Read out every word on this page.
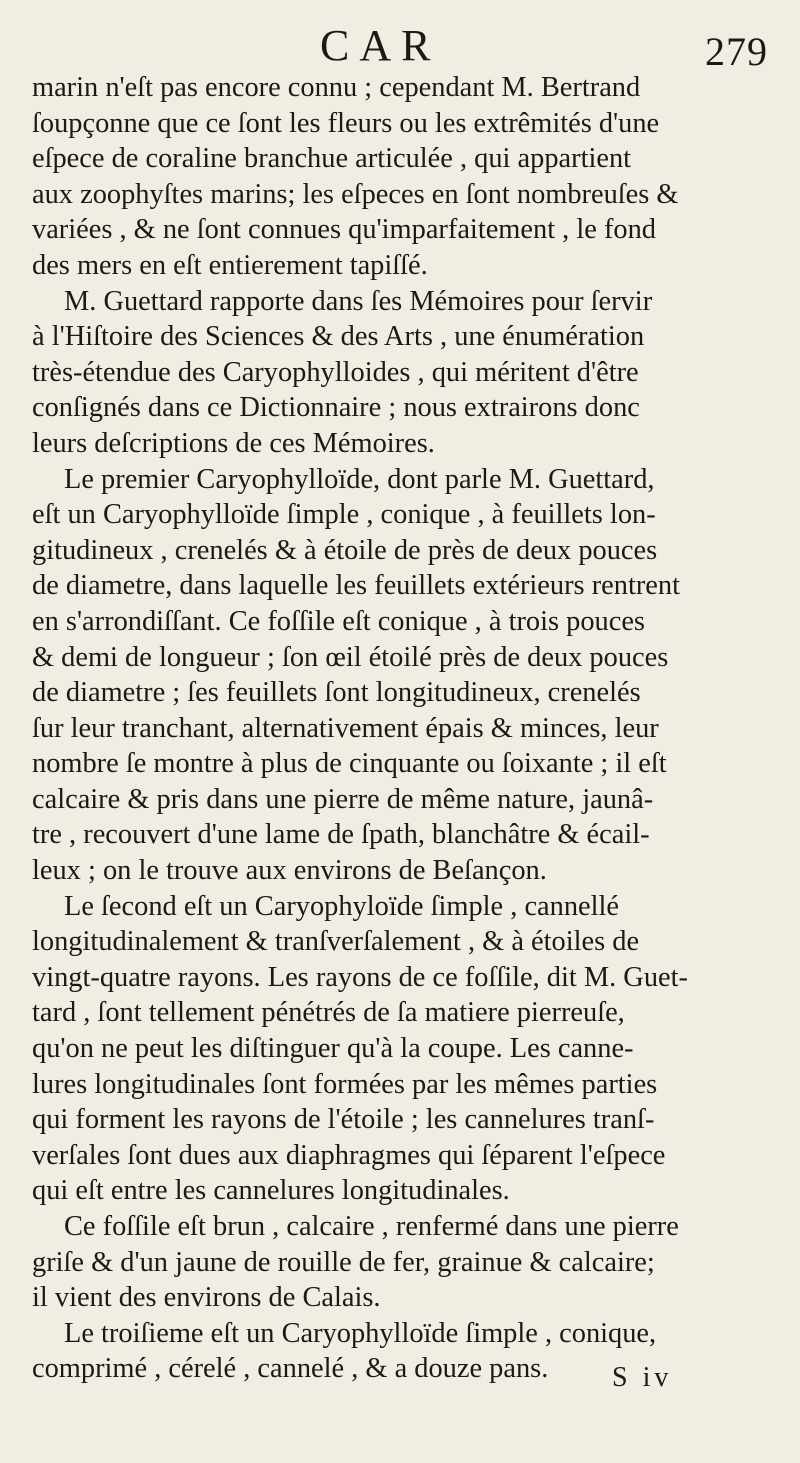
CAR	279
marin n'eſt pas encore connu ; cependant M. Bertrand
ſoupçonne que ce ſont les fleurs ou les extrêmités d'une
eſpece de coraline branchue articulée , qui appartient
aux zoophyſtes marins; les eſpeces en ſont nombreuſes &
variées , & ne ſont connues qu'imparfaitement , le fond
des mers en eſt entierement tapiſſé.
M. Guettard rapporte dans ſes Mémoires pour ſervir
à l'Hiſtoire des Sciences & des Arts , une énumération
très-étendue des Caryophylloides , qui méritent d'être
conſignés dans ce Dictionnaire ; nous extrairons donc
leurs deſcriptions de ces Mémoires.
Le premier Caryophylloïde, dont parle M. Guettard,
eſt un Caryophylloïde ſimple , conique , à feuillets lon-
gitudineux , crenelés & à étoile de près de deux pouces
de diametre, dans laquelle les feuillets extérieurs rentrent
en s'arrondiſſant. Ce foſſile eſt conique , à trois pouces
& demi de longueur ; ſon œil étoilé près de deux pouces
de diametre ; ſes feuillets ſont longitudineux, crenelés
ſur leur tranchant, alternativement épais & minces, leur
nombre ſe montre à plus de cinquante ou ſoixante ; il eſt
calcaire & pris dans une pierre de même nature, jaunâ-
tre , recouvert d'une lame de ſpath, blanchâtre & écail-
leux ; on le trouve aux environs de Beſançon.
Le ſecond eſt un Caryophyloïde ſimple , cannellé
longitudinalement & tranſverſalement , & à étoiles de
vingt-quatre rayons. Les rayons de ce foſſile, dit M. Guet-
tard , ſont tellement pénétrés de ſa matiere pierreuſe,
qu'on ne peut les diſtinguer qu'à la coupe. Les canne-
lures longitudinales ſont formées par les mêmes parties
qui forment les rayons de l'étoile ; les cannelures tranſ-
verſales ſont dues aux diaphragmes qui ſéparent l'eſpece
qui eſt entre les cannelures longitudinales.
Ce foſſile eſt brun , calcaire , renfermé dans une pierre
griſe & d'un jaune de rouille de fer, grainue & calcaire;
il vient des environs de Calais.
Le troiſieme eſt un Caryophylloïde ſimple , conique,
comprimé , cérelé , cannelé , & a douze pans.	S iv
